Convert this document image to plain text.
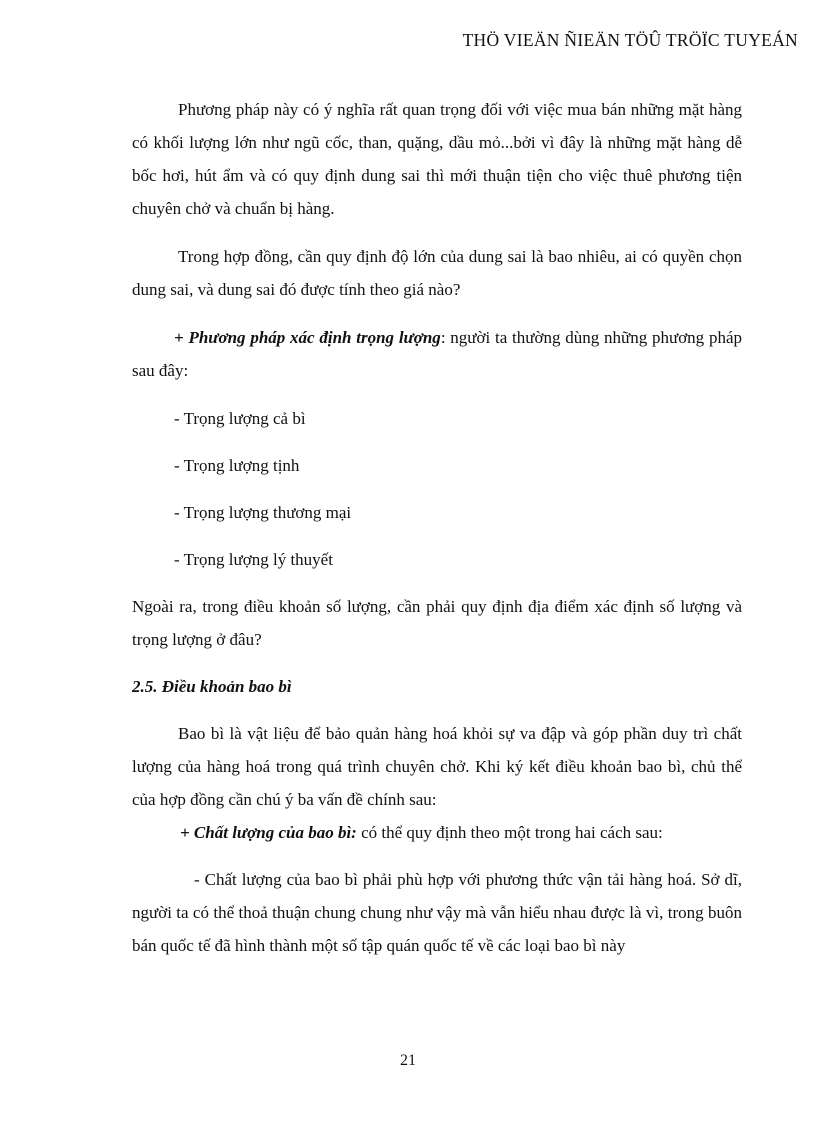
THÖ VIEÄN ÑIEÄN TÖÛ TRÖÏC TUYEÁN

Phương pháp này có ý nghĩa rất quan trọng đối với việc mua bán những mặt hàng có khối lượng lớn như ngũ cốc, than, quặng, dầu mỏ...bởi vì đây là những mặt hàng dễ bốc hơi, hút ẩm và có quy định dung sai thì mới thuận tiện cho việc thuê phương tiện chuyên chở và chuẩn bị hàng.

Trong hợp đồng, cần quy định độ lớn của dung sai là bao nhiêu, ai có quyền chọn dung sai, và dung sai đó được tính theo giá nào?

+ Phương pháp xác định trọng lượng: người ta thường dùng những phương pháp sau đây:

- Trọng lượng cả bì

- Trọng lượng tịnh

- Trọng lượng thương mại

- Trọng lượng lý thuyết

Ngoài ra, trong điều khoản số lượng, cần phải quy định địa điểm xác định số lượng và trọng lượng ở đâu?

2.5. Điều khoản bao bì

Bao bì là vật liệu để bảo quản hàng hoá khỏi sự va đập và góp phần duy trì chất lượng của hàng hoá trong quá trình chuyên chở. Khi ký kết điều khoản bao bì, chủ thể của hợp đồng cần chú ý ba vấn đề chính sau:

+ Chất lượng của bao bì: có thể quy định theo một trong hai cách sau:

- Chất lượng của bao bì phải phù hợp với phương thức vận tải hàng hoá. Sở dĩ, người ta có thể thoả thuận chung chung như vậy mà vẫn hiểu nhau được là vì, trong buôn bán quốc tế đã hình thành một số tập quán quốc tế về các loại bao bì này

21
